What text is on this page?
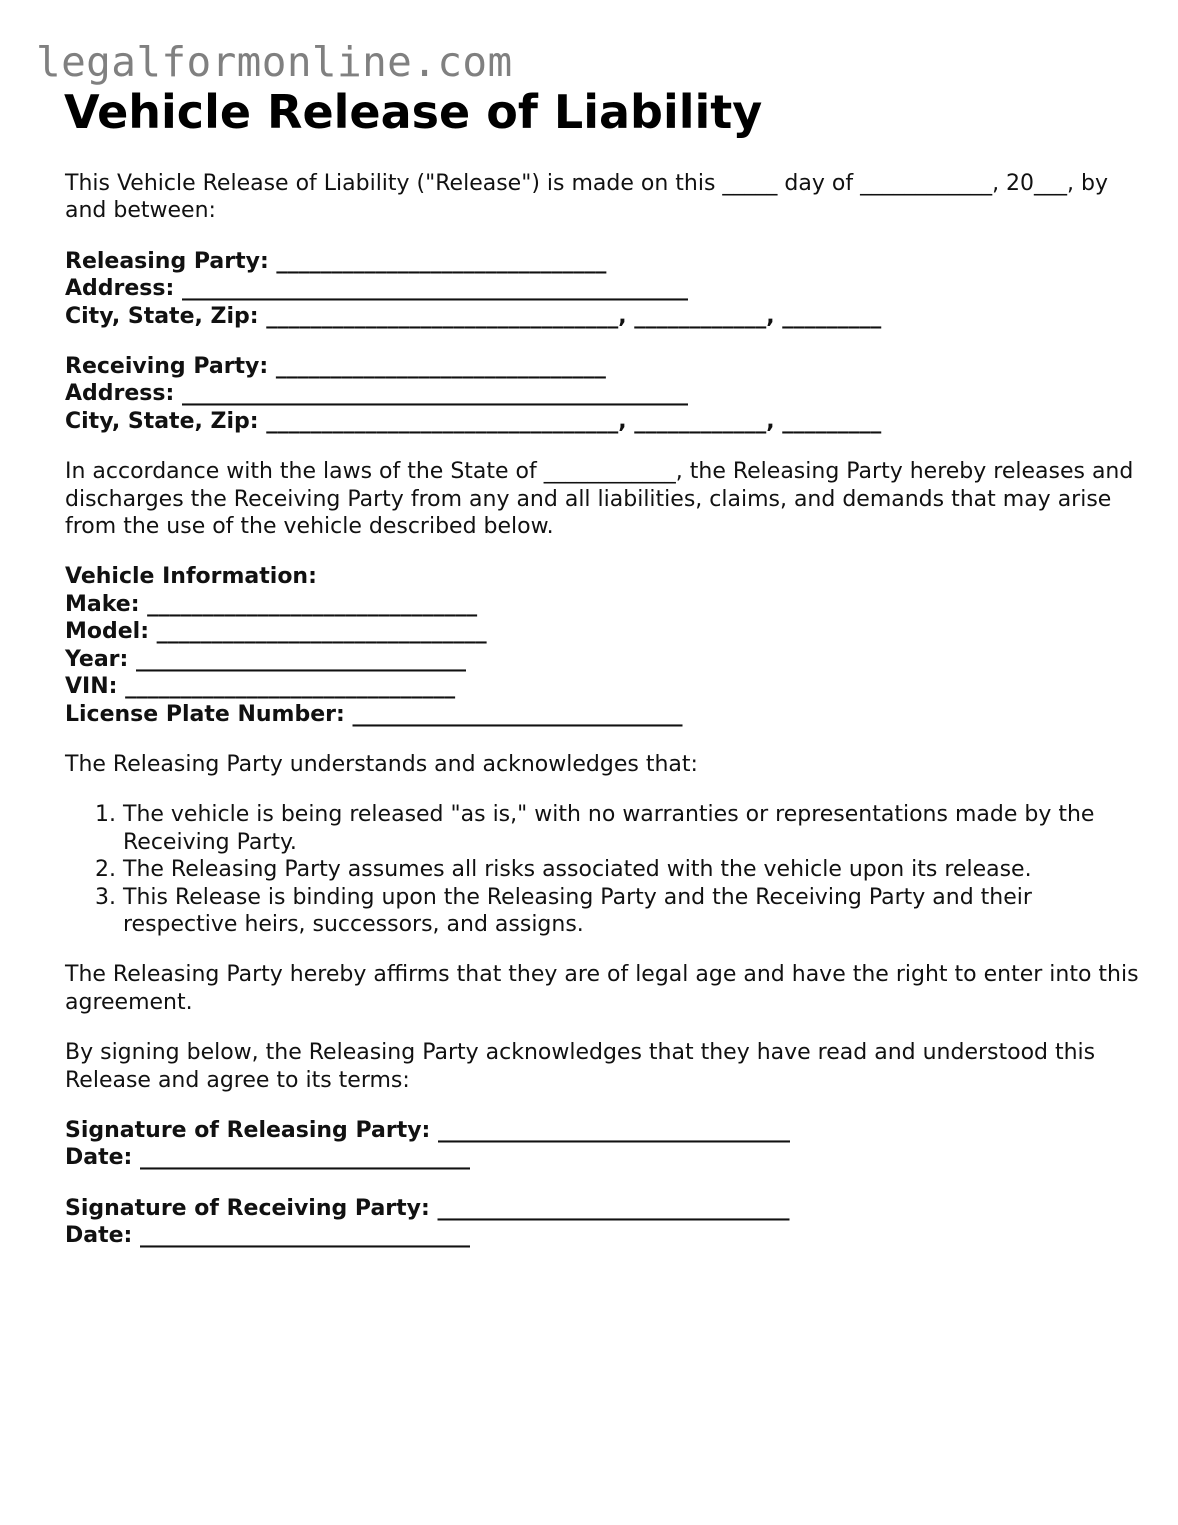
legalformonline.com
Vehicle Release of Liability

This Vehicle Release of Liability ("Release") is made on this _____ day of ____________, 20___, by and between:

Releasing Party: ______________________________
Address: ______________________________________________
City, State, Zip: ________________________________, ____________, _________
Receiving Party: ______________________________
Address: ______________________________________________
City, State, Zip: ________________________________, ____________, _________

In accordance with the laws of the State of ____________, the Releasing Party hereby releases and discharges the Receiving Party from any and all liabilities, claims, and demands that may arise from the use of the vehicle described below.

Vehicle Information:
Make: ______________________________
Model: ______________________________
Year: ______________________________
VIN: ______________________________
License Plate Number: ______________________________

The Releasing Party understands and acknowledges that:

1. The vehicle is being released "as is," with no warranties or representations made by the Receiving Party.
2. The Releasing Party assumes all risks associated with the vehicle upon its release.
3. This Release is binding upon the Releasing Party and the Receiving Party and their respective heirs, successors, and assigns.

The Releasing Party hereby affirms that they are of legal age and have the right to enter into this agreement.

By signing below, the Releasing Party acknowledges that they have read and understood this Release and agree to its terms:

Signature of Releasing Party: ________________________________
Date: ______________________________
Signature of Receiving Party: ________________________________
Date: ______________________________
